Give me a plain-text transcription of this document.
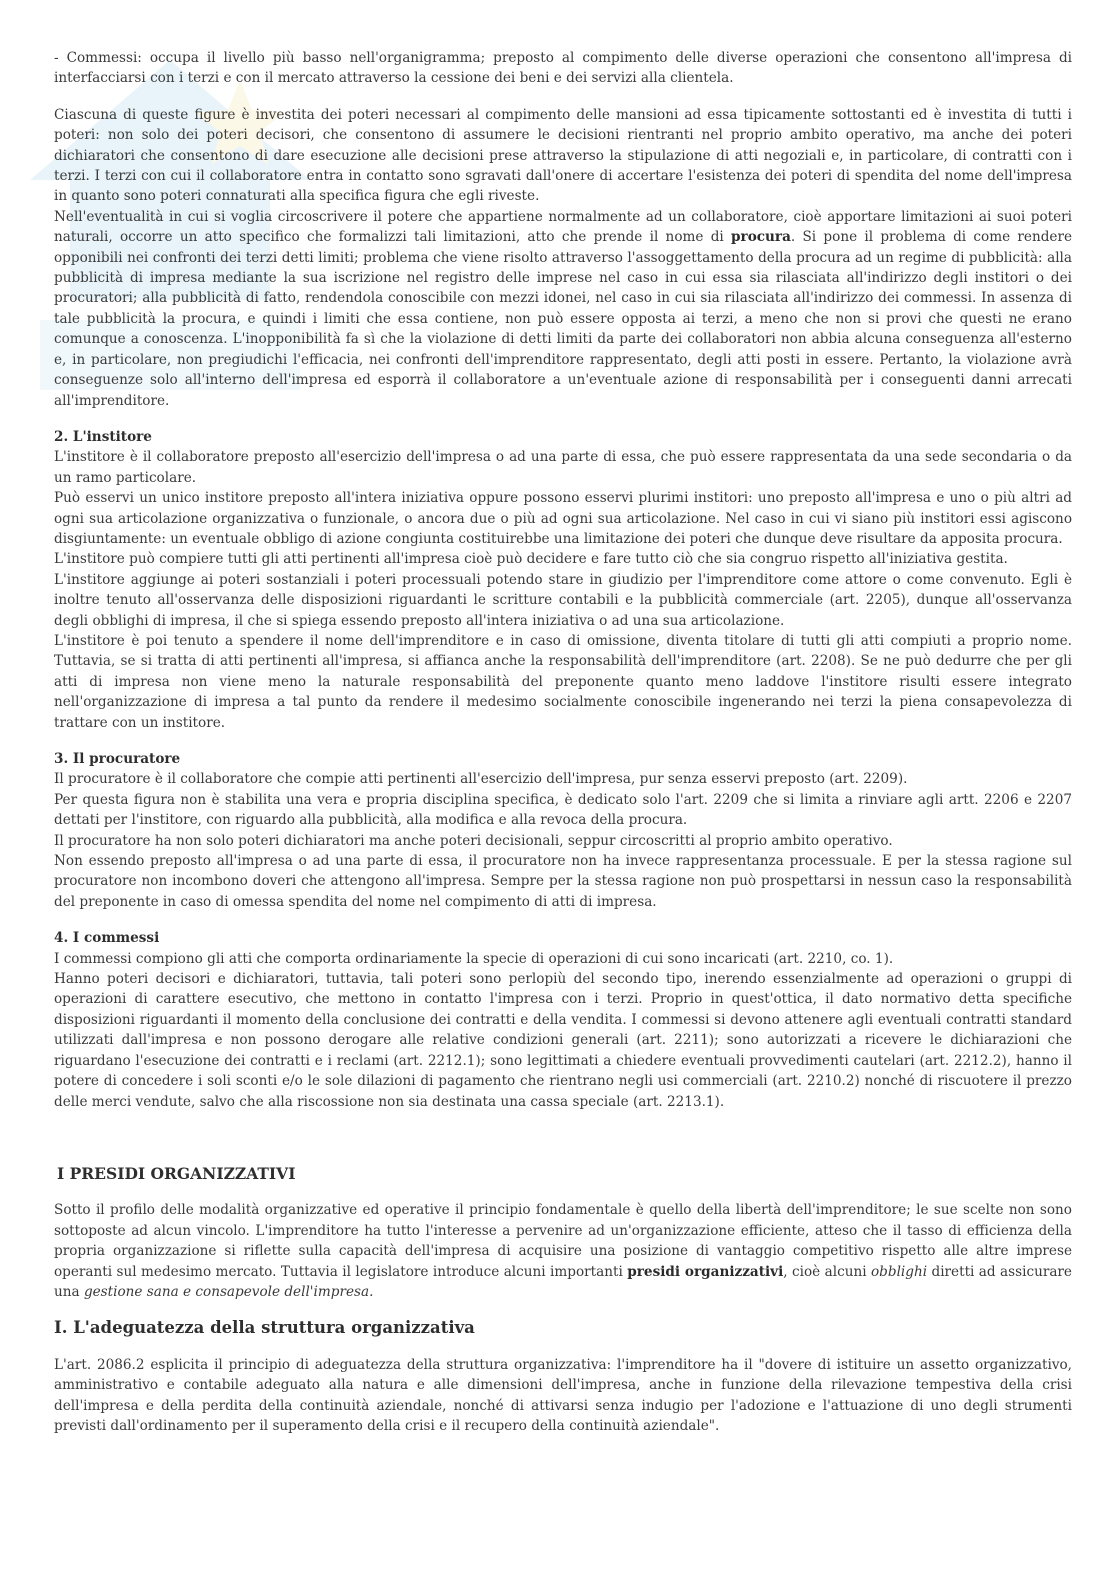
- Commessi: occupa il livello più basso nell'organigramma; preposto al compimento delle diverse operazioni che consentono all'impresa di interfacciarsi con i terzi e con il mercato attraverso la cessione dei beni e dei servizi alla clientela.

Ciascuna di queste figure è investita dei poteri necessari al compimento delle mansioni ad essa tipicamente sottostanti ed è investita di tutti i poteri: non solo dei poteri decisori, che consentono di assumere le decisioni rientranti nel proprio ambito operativo, ma anche dei poteri dichiaratori che consentono di dare esecuzione alle decisioni prese attraverso la stipulazione di atti negoziali e, in particolare, di contratti con i terzi. I terzi con cui il collaboratore entra in contatto sono sgravati dall'onere di accertare l'esistenza dei poteri di spendita del nome dell'impresa in quanto sono poteri connaturati alla specifica figura che egli riveste.

Nell'eventualità in cui si voglia circoscrivere il potere che appartiene normalmente ad un collaboratore, cioè apportare limitazioni ai suoi poteri naturali, occorre un atto specifico che formalizzi tali limitazioni, atto che prende il nome di procura. Si pone il problema di come rendere opponibili nei confronti dei terzi detti limiti; problema che viene risolto attraverso l'assoggettamento della procura ad un regime di pubblicità: alla pubblicità di impresa mediante la sua iscrizione nel registro delle imprese nel caso in cui essa sia rilasciata all'indirizzo degli institori o dei procuratori; alla pubblicità di fatto, rendendola conoscibile con mezzi idonei, nel caso in cui sia rilasciata all'indirizzo dei commessi. In assenza di tale pubblicità la procura, e quindi i limiti che essa contiene, non può essere opposta ai terzi, a meno che non si provi che questi ne erano comunque a conoscenza. L'inopponibilità fa sì che la violazione di detti limiti da parte dei collaboratori non abbia alcuna conseguenza all'esterno e, in particolare, non pregiudichi l'efficacia, nei confronti dell'imprenditore rappresentato, degli atti posti in essere. Pertanto, la violazione avrà conseguenze solo all'interno dell'impresa ed esporrà il collaboratore a un'eventuale azione di responsabilità per i conseguenti danni arrecati all'imprenditore.

2. L'institore

L'institore è il collaboratore preposto all'esercizio dell'impresa o ad una parte di essa, che può essere rappresentata da una sede secondaria o da un ramo particolare.

Può esservi un unico institore preposto all'intera iniziativa oppure possono esservi plurimi institori: uno preposto all'impresa e uno o più altri ad ogni sua articolazione organizzativa o funzionale, o ancora due o più ad ogni sua articolazione. Nel caso in cui vi siano più institori essi agiscono disgiuntamente: un eventuale obbligo di azione congiunta costituirebbe una limitazione dei poteri che dunque deve risultare da apposita procura.

L'institore può compiere tutti gli atti pertinenti all'impresa cioè può decidere e fare tutto ciò che sia congruo rispetto all'iniziativa gestita.

L'institore aggiunge ai poteri sostanziali i poteri processuali potendo stare in giudizio per l'imprenditore come attore o come convenuto. Egli è inoltre tenuto all'osservanza delle disposizioni riguardanti le scritture contabili e la pubblicità commerciale (art. 2205), dunque all'osservanza degli obblighi di impresa, il che si spiega essendo preposto all'intera iniziativa o ad una sua articolazione.

L'institore è poi tenuto a spendere il nome dell'imprenditore e in caso di omissione, diventa titolare di tutti gli atti compiuti a proprio nome. Tuttavia, se si tratta di atti pertinenti all'impresa, si affianca anche la responsabilità dell'imprenditore (art. 2208). Se ne può dedurre che per gli atti di impresa non viene meno la naturale responsabilità del preponente quanto meno laddove l'institore risulti essere integrato nell'organizzazione di impresa a tal punto da rendere il medesimo socialmente conoscibile ingenerando nei terzi la piena consapevolezza di trattare con un institore.

3. Il procuratore

Il procuratore è il collaboratore che compie atti pertinenti all'esercizio dell'impresa, pur senza esservi preposto (art. 2209).

Per questa figura non è stabilita una vera e propria disciplina specifica, è dedicato solo l'art. 2209 che si limita a rinviare agli artt. 2206 e 2207 dettati per l'institore, con riguardo alla pubblicità, alla modifica e alla revoca della procura.

Il procuratore ha non solo poteri dichiaratori ma anche poteri decisionali, seppur circoscritti al proprio ambito operativo.

Non essendo preposto all'impresa o ad una parte di essa, il procuratore non ha invece rappresentanza processuale. E per la stessa ragione sul procuratore non incombono doveri che attengono all'impresa. Sempre per la stessa ragione non può prospettarsi in nessun caso la responsabilità del preponente in caso di omessa spendita del nome nel compimento di atti di impresa.

4. I commessi

I commessi compiono gli atti che comporta ordinariamente la specie di operazioni di cui sono incaricati (art. 2210, co. 1).

Hanno poteri decisori e dichiaratori, tuttavia, tali poteri sono perlopiù del secondo tipo, inerendo essenzialmente ad operazioni o gruppi di operazioni di carattere esecutivo, che mettono in contatto l'impresa con i terzi. Proprio in quest'ottica, il dato normativo detta specifiche disposizioni riguardanti il momento della conclusione dei contratti e della vendita. I commessi si devono attenere agli eventuali contratti standard utilizzati dall'impresa e non possono derogare alle relative condizioni generali (art. 2211); sono autorizzati a ricevere le dichiarazioni che riguardano l'esecuzione dei contratti e i reclami (art. 2212.1); sono legittimati a chiedere eventuali provvedimenti cautelari (art. 2212.2), hanno il potere di concedere i soli sconti e/o le sole dilazioni di pagamento che rientrano negli usi commerciali (art. 2210.2) nonché di riscuotere il prezzo delle merci vendute, salvo che alla riscossione non sia destinata una cassa speciale (art. 2213.1).

I PRESIDI ORGANIZZATIVI

Sotto il profilo delle modalità organizzative ed operative il principio fondamentale è quello della libertà dell'imprenditore; le sue scelte non sono sottoposte ad alcun vincolo. L'imprenditore ha tutto l'interesse a pervenire ad un'organizzazione efficiente, atteso che il tasso di efficienza della propria organizzazione si riflette sulla capacità dell'impresa di acquisire una posizione di vantaggio competitivo rispetto alle altre imprese operanti sul medesimo mercato. Tuttavia il legislatore introduce alcuni importanti presidi organizzativi, cioè alcuni obblighi diretti ad assicurare una gestione sana e consapevole dell'impresa.

I. L'adeguatezza della struttura organizzativa

L'art. 2086.2 esplicita il principio di adeguatezza della struttura organizzativa: l'imprenditore ha il "dovere di istituire un assetto organizzativo, amministrativo e contabile adeguato alla natura e alle dimensioni dell'impresa, anche in funzione della rilevazione tempestiva della crisi dell'impresa e della perdita della continuità aziendale, nonché di attivarsi senza indugio per l'adozione e l'attuazione di uno degli strumenti previsti dall'ordinamento per il superamento della crisi e il recupero della continuità aziendale".
